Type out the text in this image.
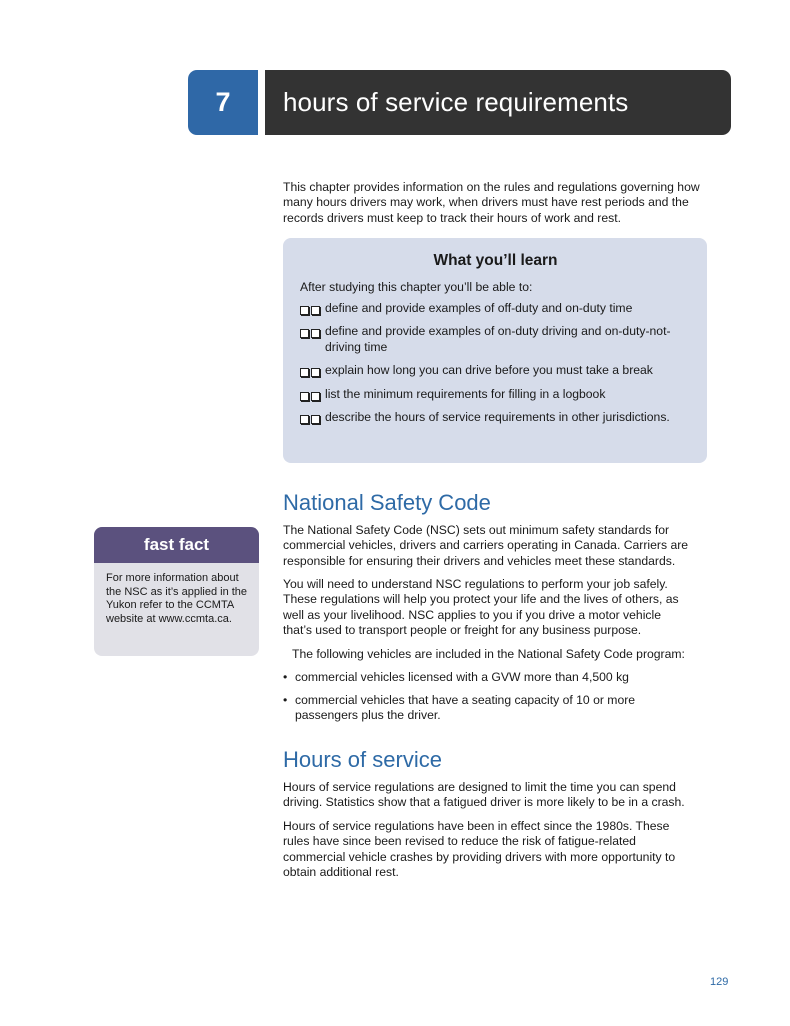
7 hours of service requirements

This chapter provides information on the rules and regulations governing how many hours drivers may work, when drivers must have rest periods and the records drivers must keep to track their hours of work and rest.

What you’ll learn

After studying this chapter you’ll be able to:

define and provide examples of off-duty and on-duty time
define and provide examples of on-duty driving and on-duty-not-driving time
explain how long you can drive before you must take a break
list the minimum requirements for filling in a logbook
describe the hours of service requirements in other jurisdictions.
fast fact

For more information about the NSC as it’s applied in the Yukon refer to the CCMTA website at www.ccmta.ca.

National Safety Code

The National Safety Code (NSC) sets out minimum safety standards for commercial vehicles, drivers and carriers operating in Canada. Carriers are responsible for ensuring their drivers and vehicles meet these standards.

You will need to understand NSC regulations to perform your job safely. These regulations will help you protect your life and the lives of others, as well as your livelihood. NSC applies to you if you drive a motor vehicle that’s used to transport people or freight for any business purpose.

The following vehicles are included in the National Safety Code program:

• commercial vehicles licensed with a GVW more than 4,500 kg

• commercial vehicles that have a seating capacity of 10 or more passengers plus the driver.

Hours of service

Hours of service regulations are designed to limit the time you can spend driving. Statistics show that a fatigued driver is more likely to be in a crash.

Hours of service regulations have been in effect since the 1980s. These rules have since been revised to reduce the risk of fatigue-related commercial vehicle crashes by providing drivers with more opportunity to obtain additional rest.

129
